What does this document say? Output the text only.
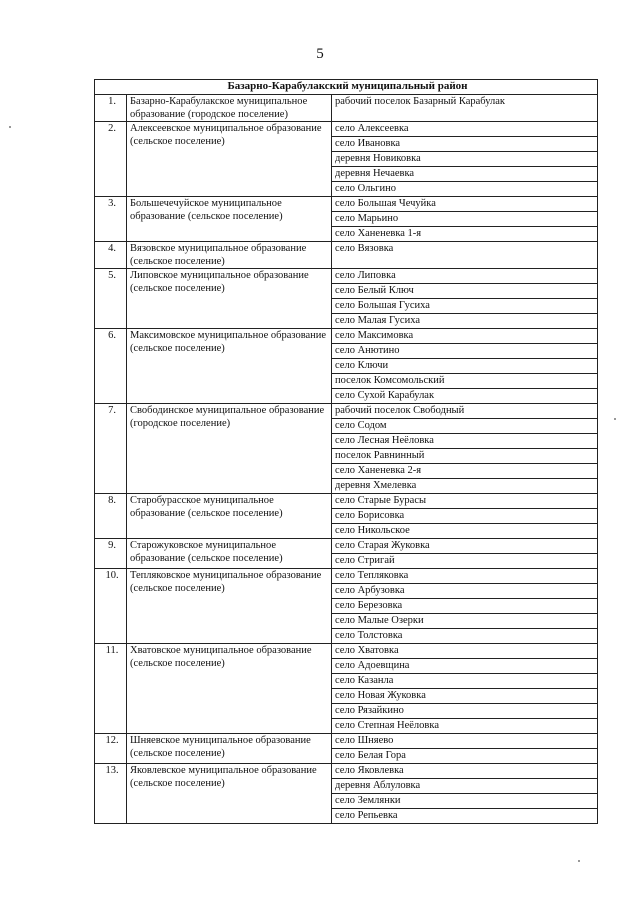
5
Базарно-Карабулакский муниципальный район		
1.	Базарно-Карабулакское муниципальное образование (городское поселение)	рабочий поселок Базарный Карабулак
2.	Алексеевское муниципальное образование (сельское поселение)	село Алексеевка
		село Ивановка
		деревня Новиковка
		деревня Нечаевка
		село Ольгино
3.	Большечечуйское муниципальное образование (сельское поселение)	село Большая Чечуйка
		село Марьино
		село Ханеневка 1-я
4.	Вязовское муниципальное образование (сельское поселение)	село Вязовка
5.	Липовское муниципальное образование (сельское поселение)	село Липовка
		село Белый Ключ
		село Большая Гусиха
		село Малая Гусиха
6.	Максимовское муниципальное образование (сельское поселение)	село Максимовка
		село Анютино
		село Ключи
		поселок Комсомольский
		село Сухой Карабулак
7.	Свободинское муниципальное образование (городское поселение)	рабочий поселок Свободный
		село Содом
		село Лесная Неёловка
		поселок Равнинный
		село Ханеневка 2-я
		деревня Хмелевка
8.	Старобурасское муниципальное образование (сельское поселение)	село Старые Бурасы
		село Борисовка
		село Никольское
9.	Старожуковское муниципальное образование (сельское поселение)	село Старая Жуковка
		село Стригай
10.	Тепляковское муниципальное образование (сельское поселение)	село Тепляковка
		село Арбузовка
		село Березовка
		село Малые Озерки
		село Толстовка
11.	Хватовское муниципальное образование (сельское поселение)	село Хватовка
		село Адоевщина
		село Казанла
		село Новая Жуковка
		село Рязайкино
		село Степная Неёловка
12.	Шняевское муниципальное образование (сельское поселение)	село Шняево
		село Белая Гора
13.	Яковлевское муниципальное образование (сельское поселение)	село Яковлевка
		деревня Аблуловка
		село Землянки
		село Репьевка
